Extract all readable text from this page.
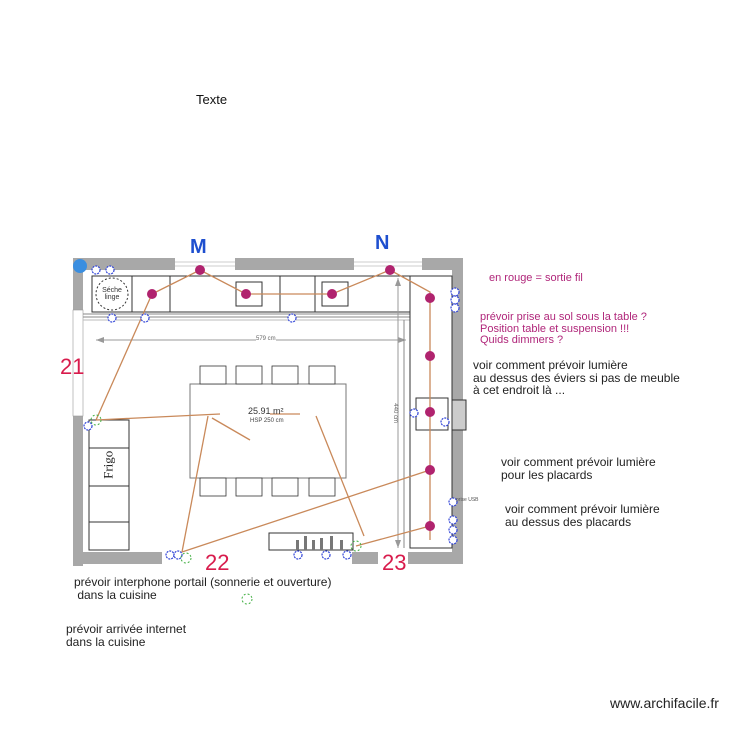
Texte
M	N
21
22	23
579 cm
440 cm
25.91 m²
HSP 250 cm
Séche linge
Frigo
prise USB
en rouge = sortie fil
prévoir prise au sol sous la table ?
Position table et suspension !!!
Quids dimmers ?
voir comment prévoir lumière
au dessus des éviers si pas de meuble
à cet endroit là ...
voir comment prévoir lumière
pour les placards
voir comment prévoir lumière
au dessus des placards
prévoir interphone portail (sonnerie et ouverture)
dans la cuisine
prévoir arrivée internet
dans la cuisine
www.archifacile.fr
